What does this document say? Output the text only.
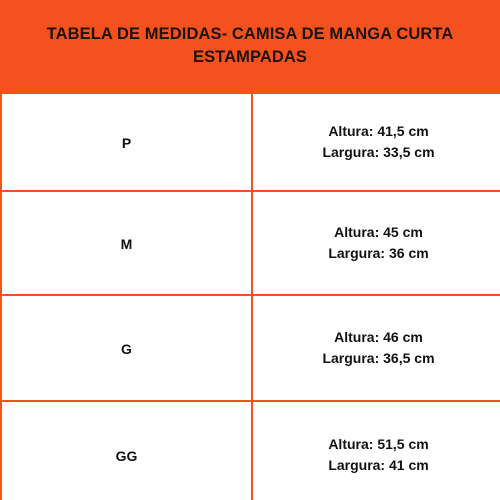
TABELA DE MEDIDAS- CAMISA DE MANGA CURTA
ESTAMPADAS
P
Altura: 41,5 cm
Largura: 33,5 cm
M
Altura: 45 cm
Largura: 36 cm
G
Altura: 46 cm
Largura: 36,5 cm
GG
Altura: 51,5 cm
Largura: 41 cm
